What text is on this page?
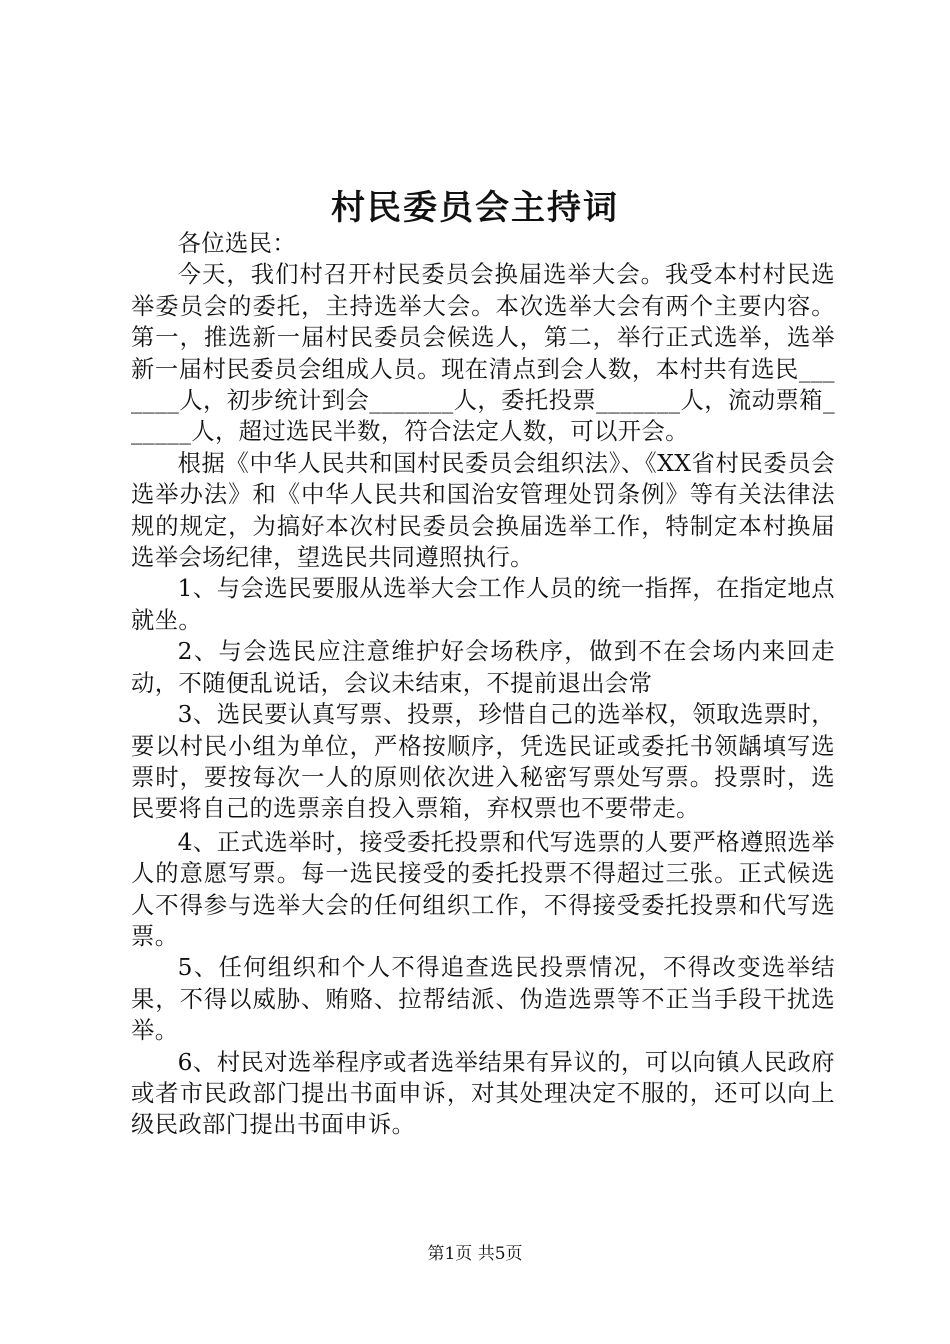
村民委员会主持词

各位选民：

今天，我们村召开村民委员会换届选举大会。我受本村村民选举委员会的委托，主持选举大会。本次选举大会有两个主要内容。第一，推选新一届村民委员会候选人，第二，举行正式选举，选举新一届村民委员会组成人员。现在清点到会人数，本村共有选民_______人，初步统计到会_______人，委托投票_______人，流动票箱______人，超过选民半数，符合法定人数，可以开会。

根据《中华人民共和国村民委员会组织法》、《XX省村民委员会选举办法》和《中华人民共和国治安管理处罚条例》等有关法律法规的规定，为搞好本次村民委员会换届选举工作，特制定本村换届选举会场纪律，望选民共同遵照执行。

1、与会选民要服从选举大会工作人员的统一指挥，在指定地点就坐。

2、与会选民应注意维护好会场秩序，做到不在会场内来回走动，不随便乱说话，会议未结束，不提前退出会常

3、选民要认真写票、投票，珍惜自己的选举权，领取选票时，要以村民小组为单位，严格按顺序，凭选民证或委托书领龋填写选票时，要按每次一人的原则依次进入秘密写票处写票。投票时，选民要将自己的选票亲自投入票箱，弃权票也不要带走。

4、正式选举时，接受委托投票和代写选票的人要严格遵照选举人的意愿写票。每一选民接受的委托投票不得超过三张。正式候选人不得参与选举大会的任何组织工作，不得接受委托投票和代写选票。

5、任何组织和个人不得追查选民投票情况，不得改变选举结果，不得以威胁、贿赂、拉帮结派、伪造选票等不正当手段干扰选举。

6、村民对选举程序或者选举结果有异议的，可以向镇人民政府或者市民政部门提出书面申诉，对其处理决定不服的，还可以向上级民政部门提出书面申诉。

第1页 共5页
